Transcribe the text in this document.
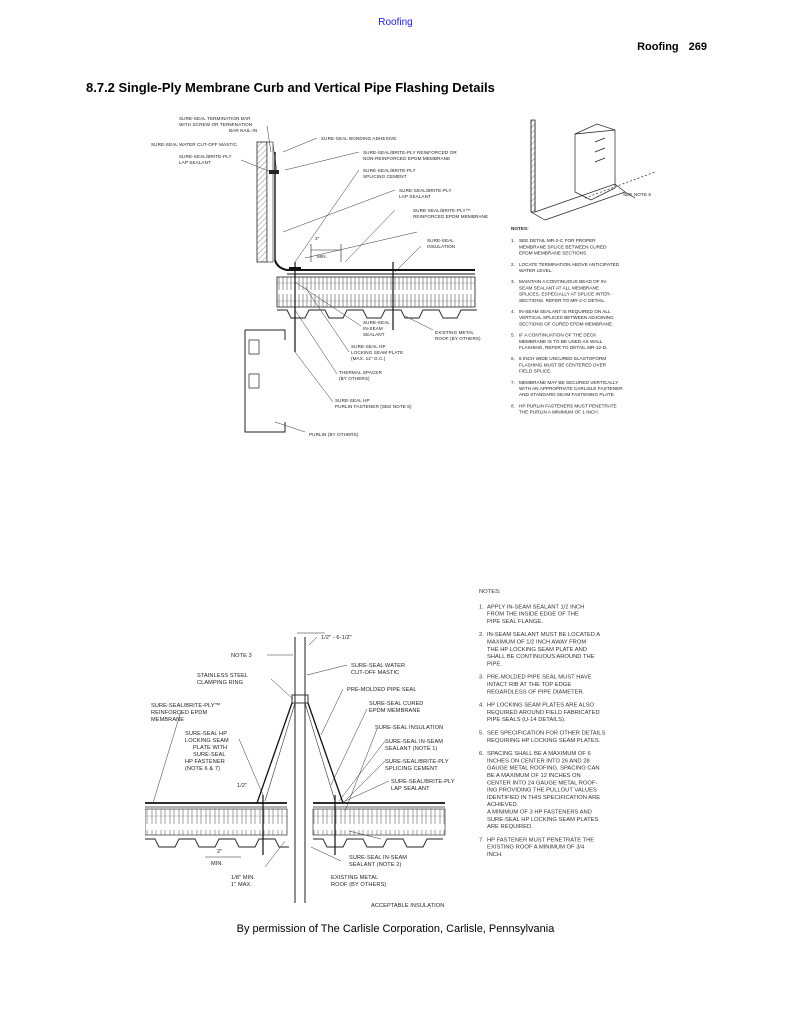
Roofing
Roofing 269
8.7.2 Single-Ply Membrane Curb and Vertical Pipe Flashing Details
SURE-SEAL TERMINATION BAR
WITH SCREW OR TERMINATION
BAR NAIL-IN
SURE-SEAL WATER CUT-OFF MASTIC
SURE-SEAL/BRITE-PLY
LAP SEALANT
SURE-SEAL BONDING ADHESIVE
SURE-SEAL/BRITE-PLY REINFORCED OR
NON-REINFORCED EPDM MEMBRANE
SURE-SEAL/BRITE-PLY
SPLICING CEMENT
SURE-SEAL/BRITE-PLY
LAP SEALANT
SURE-SEAL/BRITE-PLY™
REINFORCED EPDM MEMBRANE
3"
MIN.
SURE-SEAL
INSULATION
SURE-SEAL
IN-SEAM
SEALANT
SURE-SEAL HP
LOCKING SEAM PLATE
(MAX. 12" O.C.)
THERMAL SPACER
(BY OTHERS)
SURE-SEAL HP
PURLIN FASTENER (SEE NOTE 8)
PURLIN (BY OTHERS)
EXISTING METAL
ROOF (BY OTHERS)
SEE NOTE 6
NOTES:
1. SEE DETAIL MR-2-C FOR PROPER
MEMBRANE SPLICE BETWEEN CURED
EPDM MEMBRANE SECTIONS.
2. LOCATE TERMINATION ABOVE ANTICIPATED
WATER LEVEL.
3. MAINTAIN A CONTINUOUS BEAD OF IN-
SEAM SEALANT AT ALL MEMBRANE
SPLICES, ESPECIALLY AT SPLICE INTER-
SECTIONS. REFER TO MR-2-C DETAIL.
4. IN-SEAM SEALANT IS REQUIRED ON ALL
VERTICAL SPLICES BETWEEN ADJOINING
SECTIONS OF CURED EPDM MEMBRANE.
5. IF A CONTINUATION OF THE DECK
MEMBRANE IS TO BE USED AS WALL
FLASHING, REFER TO DETAIL MR-12-D.
6. 6 INCH WIDE UNCURED ELASTOFORM
FLASHING MUST BE CENTERED OVER
FIELD SPLICE.
7. MEMBRANE MAY BE SECURED VERTICALLY
WITH AN APPROPRIATE CARLISLE FASTENER
AND STANDARD SEAM FASTENING PLATE.
8. HP PURLIN FASTENERS MUST PENETRATE
THE PURLIN A MINIMUM OF 1 INCH.
NOTE 3
1/2" - 6-1/2"
SURE-SEAL WATER
CUT-OFF MASTIC
STAINLESS STEEL
CLAMPING RING
PRE-MOLDED PIPE SEAL
SURE-SEAL/BRITE-PLY™
REINFORCED EPDM
MEMBRANE
SURE-SEAL CURED
EPDM MEMBRANE
SURE-SEAL HP
LOCKING SEAM
PLATE WITH
SURE-SEAL
HP FASTENER
(NOTE 6 & 7)
SURE-SEAL INSULATION
SURE-SEAL IN-SEAM
SEALANT (NOTE 1)
SURE-SEAL/BRITE-PLY
SPLICING CEMENT
SURE-SEAL/BRITE-PLY
LAP SEALANT
1/2"
2"
MIN.
1/8" MIN.
1" MAX.
SURE-SEAL IN-SEAM
SEALANT (NOTE 2)
EXISTING METAL
ROOF (BY OTHERS)
ACCEPTABLE INSULATION
NOTES:
1. APPLY IN-SEAM SEALANT 1/2 INCH
FROM THE INSIDE EDGE OF THE
PIPE SEAL FLANGE.
2. IN-SEAM SEALANT MUST BE LOCATED A
MAXIMUM OF 1/2 INCH AWAY FROM
THE HP LOCKING SEAM PLATE AND
SHALL BE CONTINUOUS AROUND THE
PIPE.
3. PRE-MOLDED PIPE SEAL MUST HAVE
INTACT RIB AT THE TOP EDGE
REGARDLESS OF PIPE DIAMETER.
4. HP LOCKING SEAM PLATES ARE ALSO
REQUIRED AROUND FIELD FABRICATED
PIPE SEALS (U-14 DETAILS).
5. SEE SPECIFICATION FOR OTHER DETAILS
REQUIRING HP LOCKING SEAM PLATES.
6. SPACING SHALL BE A MAXIMUM OF 6
INCHES ON CENTER INTO 26 AND 28
GAUGE METAL ROOFING. SPACING CAN
BE A MAXIMUM OF 12 INCHES ON
CENTER INTO 24 GAUGE METAL ROOF-
ING PROVIDING THE PULLOUT VALUES
IDENTIFIED IN THIS SPECIFICATION ARE
ACHIEVED.
A MINIMUM OF 3 HP FASTENERS AND
SURE-SEAL HP LOCKING SEAM PLATES
ARE REQUIRED.
7. HP FASTENER MUST PENETRATE THE
EXISTING ROOF A MINIMUM OF 3/4
INCH.
By permission of The Carlisle Corporation, Carlisle, Pennsylvania
